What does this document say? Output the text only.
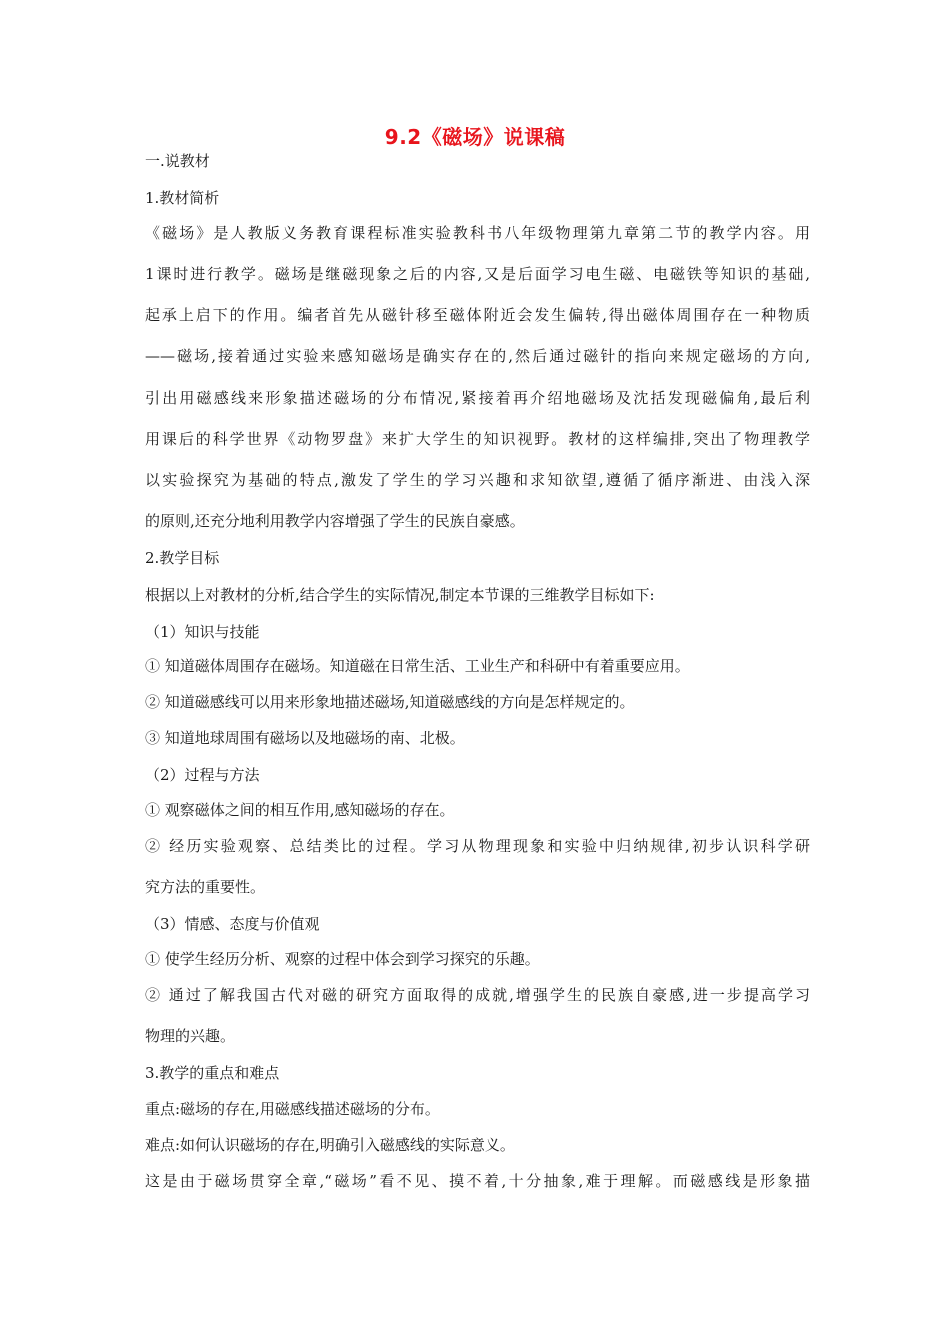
9.2《磁场》说课稿
一.说教材
1.教材简析
《磁场》是人教版义务教育课程标准实验教科书八年级物理第九章第二节的教学内容。用
1课时进行教学。磁场是继磁现象之后的内容,又是后面学习电生磁、电磁铁等知识的基础,
起承上启下的作用。编者首先从磁针移至磁体附近会发生偏转,得出磁体周围存在一种物质
——磁场,接着通过实验来感知磁场是确实存在的,然后通过磁针的指向来规定磁场的方向,
引出用磁感线来形象描述磁场的分布情况,紧接着再介绍地磁场及沈括发现磁偏角,最后利
用课后的科学世界《动物罗盘》来扩大学生的知识视野。教材的这样编排,突出了物理教学
以实验探究为基础的特点,激发了学生的学习兴趣和求知欲望,遵循了循序渐进、由浅入深
的原则,还充分地利用教学内容增强了学生的民族自豪感。
2.教学目标
根据以上对教材的分析,结合学生的实际情况,制定本节课的三维教学目标如下:
（1）知识与技能
① 知道磁体周围存在磁场。知道磁在日常生活、工业生产和科研中有着重要应用。
② 知道磁感线可以用来形象地描述磁场,知道磁感线的方向是怎样规定的。
③ 知道地球周围有磁场以及地磁场的南、北极。
（2）过程与方法
① 观察磁体之间的相互作用,感知磁场的存在。
② 经历实验观察、总结类比的过程。学习从物理现象和实验中归纳规律,初步认识科学研
究方法的重要性。
（3）情感、态度与价值观
① 使学生经历分析、观察的过程中体会到学习探究的乐趣。
② 通过了解我国古代对磁的研究方面取得的成就,增强学生的民族自豪感,进一步提高学习
物理的兴趣。
3.教学的重点和难点
重点:磁场的存在,用磁感线描述磁场的分布。
难点:如何认识磁场的存在,明确引入磁感线的实际意义。
这是由于磁场贯穿全章,“磁场”看不见、摸不着,十分抽象,难于理解。而磁感线是形象描
